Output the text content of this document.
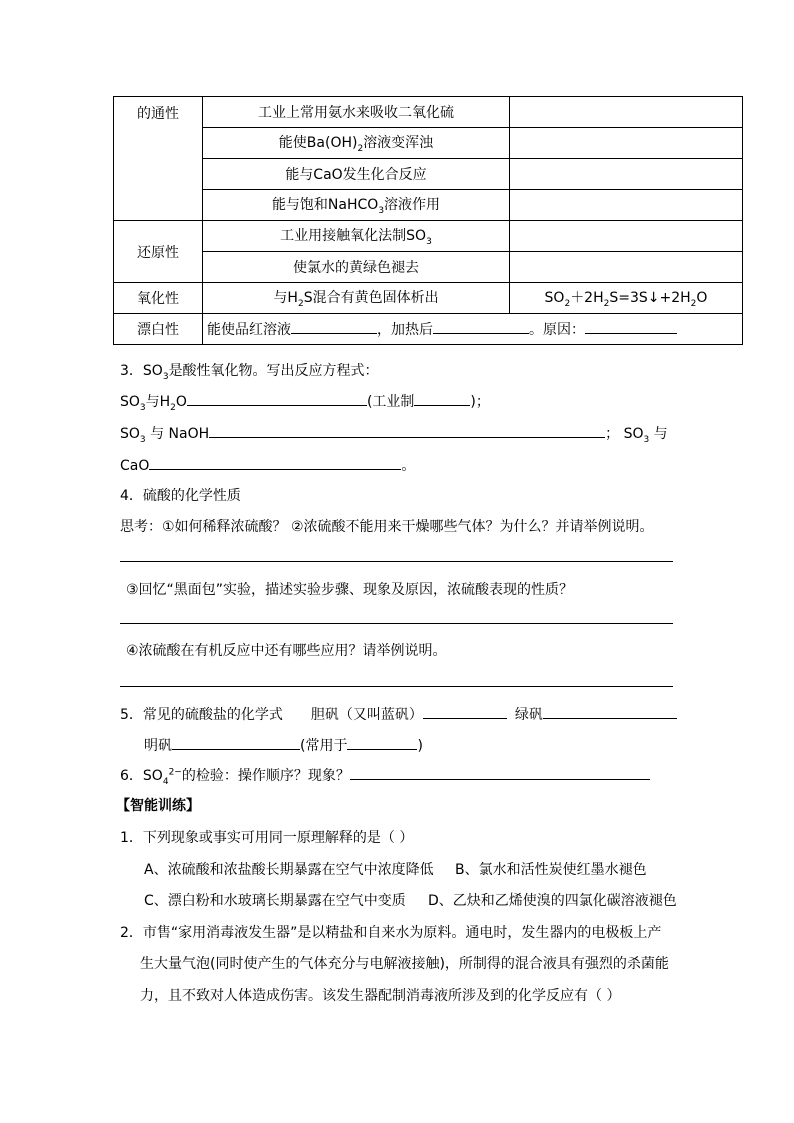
的通性	工业上常用氨水来吸收二氧化硫	
	能使$Ba(OH)_2$溶液变浑浊	
	能与CaO发生化合反应	
	能与饱和NaHCO$_3$溶液作用	
还原性	工业用接触氧化法制$SO_3$	
	使氯水的黄绿色褪去	
氧化性	与$H_2S$混合有黄色固体析出	$SO_2+2H_2S=3S↓+2H_2O$
漂白性	能使品红溶液 ，加热后 。原因：	
3．$SO_3$是酸性氧化物。写出反应方程式：
$SO_3$与$H_2O$	(工业制	)；
$SO_3$ 与 NaOH	； $SO_3$ 与
CaO	。
4．硫酸的化学性质
思考：①如何稀释浓硫酸？ ②浓硫酸不能用来干燥哪些气体？为什么？并请举例说明。
③回忆“黑面包”实验，描述实验步骤、现象及原因，浓硫酸表现的性质？
④浓硫酸在有机反应中还有哪些应用？请举例说明。
5．常见的硫酸盐的化学式 胆矾（又叫蓝矾）	绿矾
明矾	(常用于	)
6．$SO_4^{2-}$的检验：操作顺序？现象？
【智能训练】
1．下列现象或事实可用同一原理解释的是（ ）
A、浓硫酸和浓盐酸长期暴露在空气中浓度降低 B、氯水和活性炭使红墨水褪色
C、漂白粉和水玻璃长期暴露在空气中变质 D、乙炔和乙烯使溴的四氯化碳溶液褪色
2．市售“家用消毒液发生器”是以精盐和自来水为原料。通电时，发生器内的电极板上产
生大量气泡(同时使产生的气体充分与电解液接触)，所制得的混合液具有强烈的杀菌能
力，且不致对人体造成伤害。该发生器配制消毒液所涉及到的化学反应有（ ）
